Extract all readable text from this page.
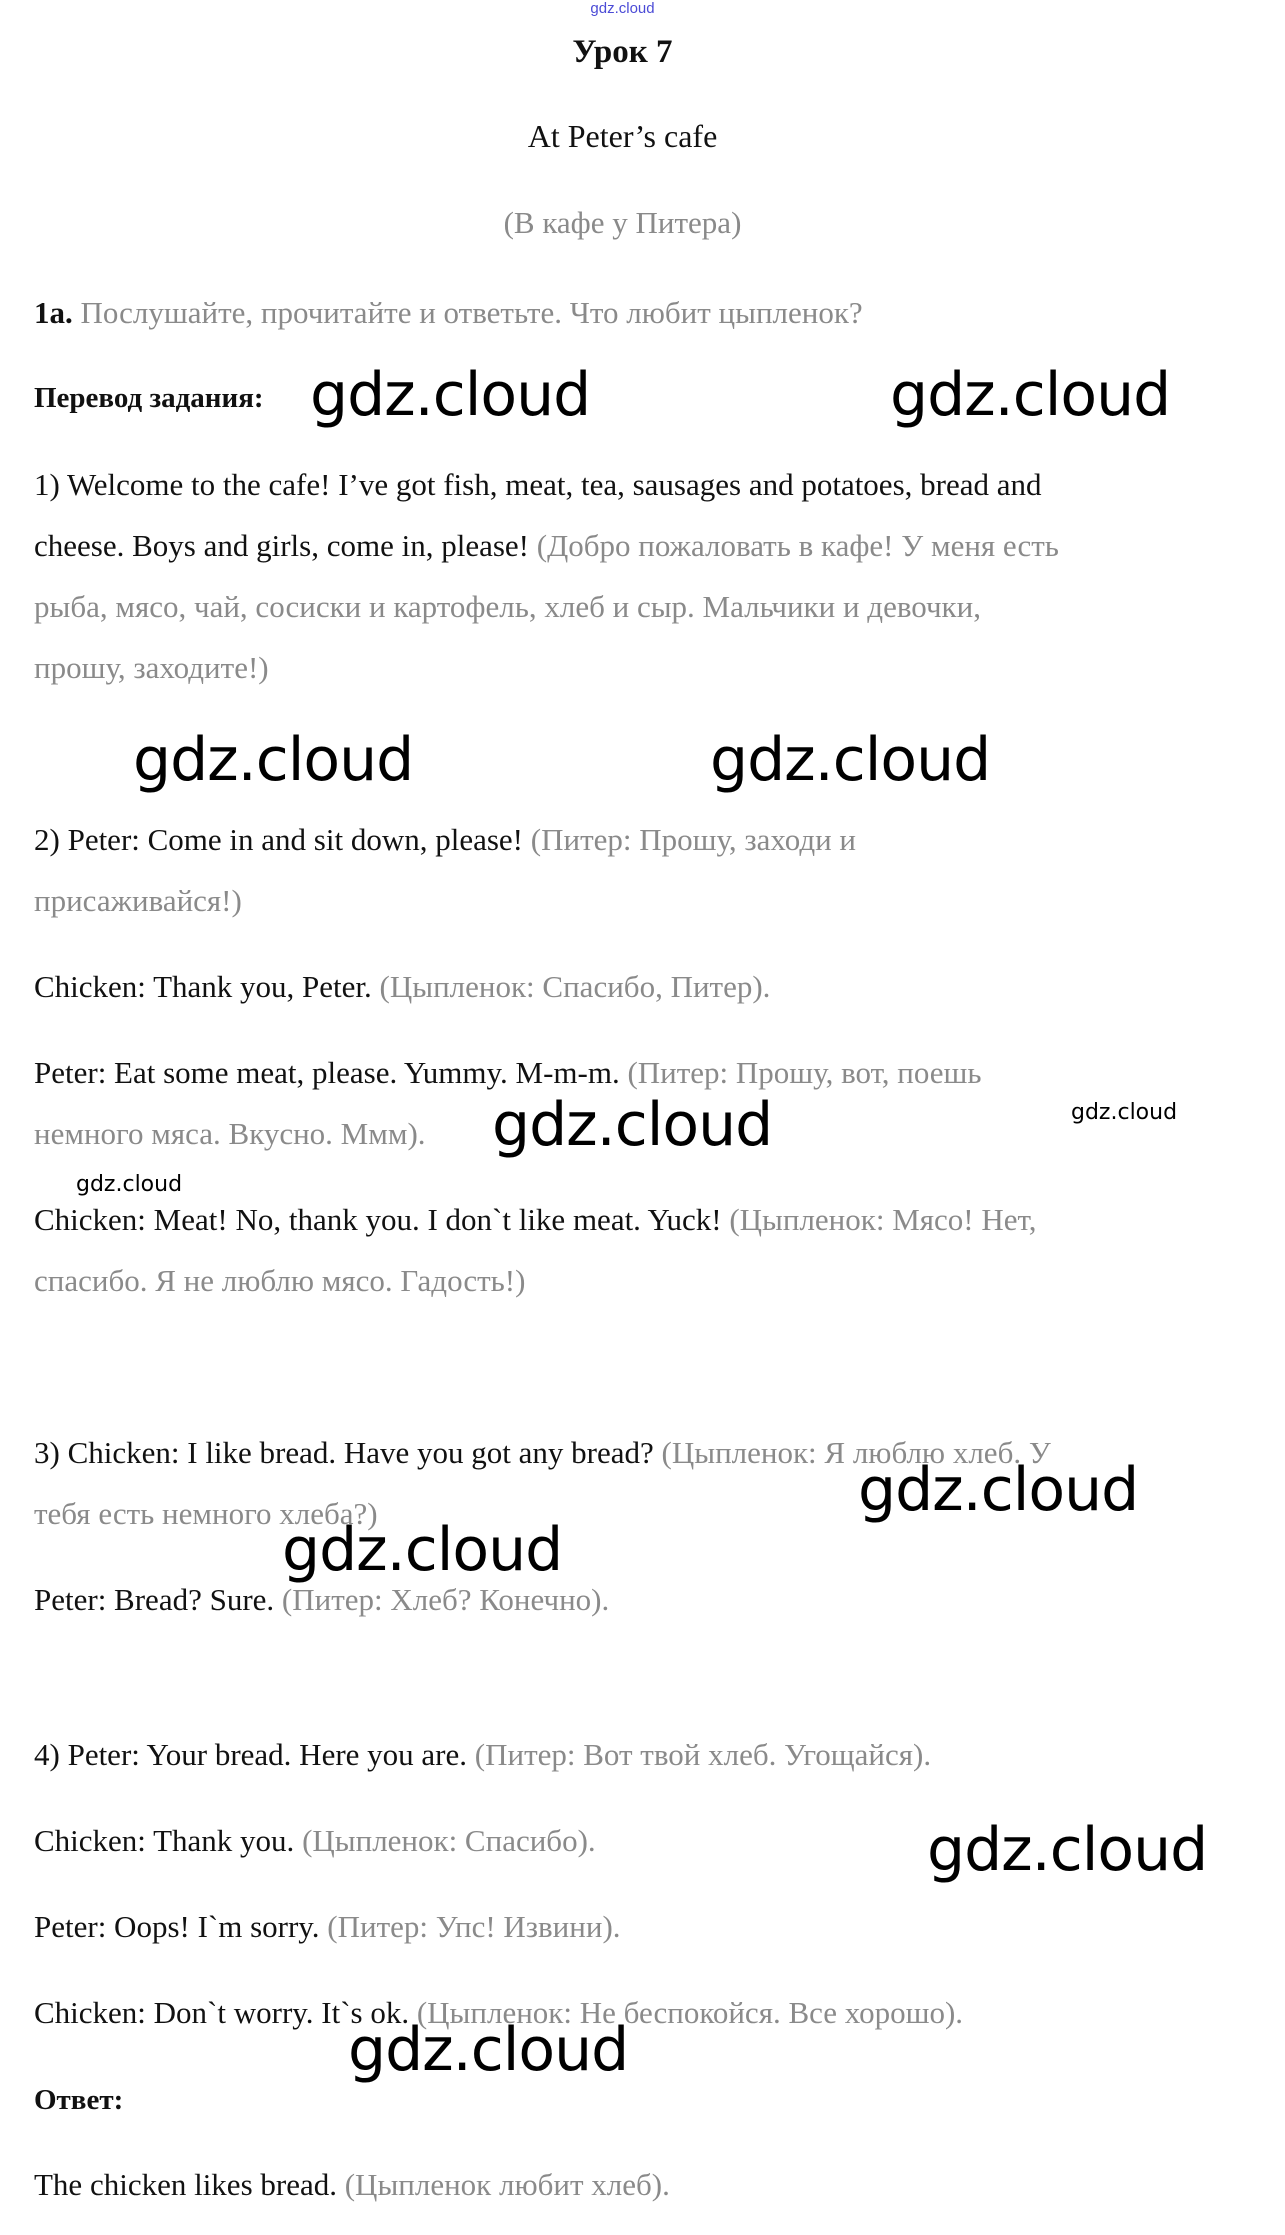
gdz.cloud
Урок 7
At Peter’s cafe
(В кафе у Питера)
1a. Послушайте, прочитайте и ответьте. Что любит цыпленок?
Перевод задания:
1) Welcome to the cafe! I’ve got fish, meat, tea, sausages and potatoes, bread and
cheese. Boys and girls, come in, please! (Добро пожаловать в кафе! У меня есть
рыба, мясо, чай, сосиски и картофель, хлеб и сыр. Мальчики и девочки,
прошу, заходите!)
2) Peter: Come in and sit down, please! (Питер: Прошу, заходи и
присаживайся!)
Chicken: Thank you, Peter. (Цыпленок: Спасибо, Питер).
Peter: Eat some meat, please. Yummy. M-m-m. (Питер: Прошу, вот, поешь
немного мяса. Вкусно. Ммм).
Chicken: Meat! No, thank you. I don`t like meat. Yuck! (Цыпленок: Мясо! Нет,
спасибо. Я не люблю мясо. Гадость!)
3) Chicken: I like bread. Have you got any bread? (Цыпленок: Я люблю хлеб. У
тебя есть немного хлеба?)
Peter: Bread? Sure. (Питер: Хлеб? Конечно).
4) Peter: Your bread. Here you are. (Питер: Вот твой хлеб. Угощайся).
Chicken: Thank you. (Цыпленок: Спасибо).
Peter: Oops! I`m sorry. (Питер: Упс! Извини).
Chicken: Don`t worry. It`s ok. (Цыпленок: Не беспокойся. Все хорошо).
Ответ:
The chicken likes bread. (Цыпленок любит хлеб).
gdz.cloud	gdz.cloud
gdz.cloud	gdz.cloud
gdz.cloud	gdz.cloud
gdz.cloud
gdz.cloud
gdz.cloud
gdz.cloud
gdz.cloud
